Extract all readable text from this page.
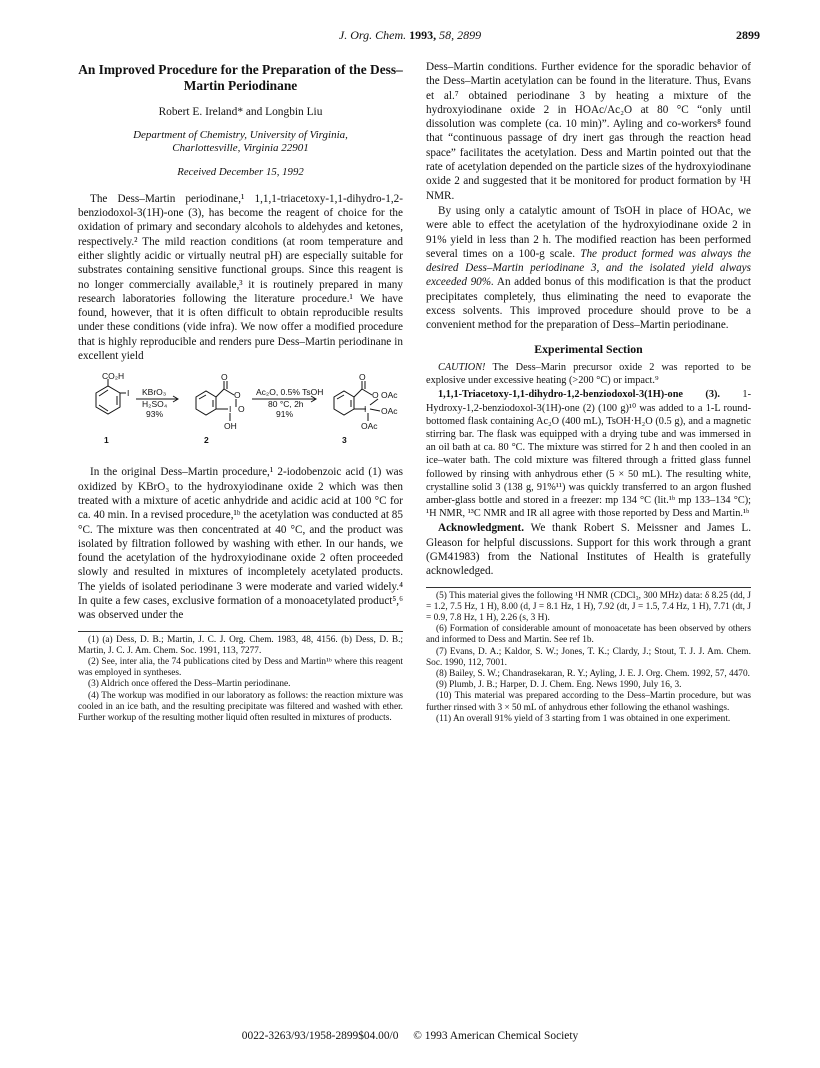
J. Org. Chem. 1993, 58, 2899	2899
An Improved Procedure for the Preparation of the Dess–Martin Periodinane
Robert E. Ireland* and Longbin Liu
Department of Chemistry, University of Virginia,
Charlottesville, Virginia 22901
Received December 15, 1992

The Dess–Martin periodinane,¹ 1,1,1-triacetoxy-1,1-dihydro-1,2-benziodoxol-3(1H)-one (3), has become the reagent of choice for the oxidation of primary and secondary alcohols to aldehydes and ketones, respectively.² The mild reaction conditions (at room temperature and either slightly acidic or virtually neutral pH) are especially suitable for substrates containing sensitive functional groups. Since this reagent is no longer commercially available,³ it is routinely prepared in many research laboratories following the literature procedure.¹ We have found, however, that it is often difficult to obtain reproducible results under these conditions (vide infra). We now offer a modified procedure that is highly reproducible and renders pure Dess–Martin periodinane in excellent yield

CO₂H
I KBrO₃
H₂SO₄
93%
O
O
I O
OH
Ac₂O, 0.5% TsOH
80 °C, 2h
91%
O
O
I
OAc
OAc
OAc
1	2	3

In the original Dess–Martin procedure,¹ 2-iodobenzoic acid (1) was oxidized by KBrO₃ to the hydroxyiodinane oxide 2 which was then treated with a mixture of acetic anhydride and acidic acid at 100 °C for ca. 40 min. In a revised procedure,¹ᵇ the acetylation was conducted at 85 °C. The mixture was then concentrated at 40 °C, and the product was isolated by filtration followed by washing with ether. In our hands, we found the acetylation of the hydroxyiodinane oxide 2 often proceeded slowly and resulted in mixtures of incompletely acetylated products. The yields of isolated periodinane 3 were moderate and varied widely.⁴ In quite a few cases, exclusive formation of a monoacetylated product⁵,⁶ was observed under the

(1) (a) Dess, D. B.; Martin, J. C. J. Org. Chem. 1983, 48, 4156. (b) Dess, D. B.; Martin, J. C. J. Am. Chem. Soc. 1991, 113, 7277.

(2) See, inter alia, the 74 publications cited by Dess and Martin¹ᵇ where this reagent was employed in syntheses.

(3) Aldrich once offered the Dess–Martin periodinane.

(4) The workup was modified in our laboratory as follows: the reaction mixture was cooled in an ice bath, and the resulting precipitate was filtered and washed with ether. Further workup of the resulting mother liquid often resulted in mixtures of products.

Dess–Martin conditions. Further evidence for the sporadic behavior of the Dess–Martin acetylation can be found in the literature. Thus, Evans et al.⁷ obtained periodinane 3 by heating a mixture of the hydroxyiodinane oxide 2 in HOAc/Ac₂O at 80 °C “only until dissolution was complete (ca. 10 min)”. Ayling and co-workers⁸ found that “continuous passage of dry inert gas through the reaction head space” facilitates the acetylation. Dess and Martin pointed out that the rate of acetylation depended on the particle sizes of the hydroxyiodinane oxide 2 and suggested that it be monitored for product formation by ¹H NMR.

By using only a catalytic amount of TsOH in place of HOAc, we were able to effect the acetylation of the hydroxyiodinane oxide 2 in 91% yield in less than 2 h. The modified reaction has been performed several times on a 100-g scale. The product formed was always the desired Dess–Martin periodinane 3, and the isolated yield always exceeded 90%. An added bonus of this modification is that the product precipitates completely, thus eliminating the need to evaporate the excess solvents. This improved procedure should prove to be a convenient method for the preparation of Dess–Martin periodinane.

Experimental Section

CAUTION! The Dess–Marin precursor oxide 2 was reported to be explosive under excessive heating (>200 °C) or impact.⁹

1,1,1-Triacetoxy-1,1-dihydro-1,2-benziodoxol-3(1H)-one (3). 1-Hydroxy-1,2-benziodoxol-3(1H)-one (2) (100 g)¹⁰ was added to a 1-L round-bottomed flask containing Ac₂O (400 mL), TsOH·H₂O (0.5 g), and a magnetic stirring bar. The flask was equipped with a drying tube and was immersed in an oil bath at ca. 80 °C. The mixture was stirred for 2 h and then cooled in an ice–water bath. The cold mixture was filtered through a fritted glass funnel followed by rinsing with anhydrous ether (5 × 50 mL). The resulting white, crystalline solid 3 (138 g, 91%¹¹) was quickly transferred to an argon flushed amber-glass bottle and stored in a freezer: mp 134 °C (lit.¹ᵇ mp 133–134 °C); ¹H NMR, ¹³C NMR and IR all agree with those reported by Dess and Martin.¹ᵇ

Acknowledgment. We thank Robert S. Meissner and James L. Gleason for helpful discussions. Support for this work through a grant (GM41983) from the National Institutes of Health is gratefully acknowledged.

(5) This material gives the following ¹H NMR (CDCl₃, 300 MHz) data: δ 8.25 (dd, J = 1.2, 7.5 Hz, 1 H), 8.00 (d, J = 8.1 Hz, 1 H), 7.92 (dt, J = 1.5, 7.4 Hz, 1 H), 7.71 (dt, J = 0.9, 7.8 Hz, 1 H), 2.26 (s, 3 H).

(6) Formation of considerable amount of monoacetate has been observed by others and informed to Dess and Martin. See ref 1b.

(7) Evans, D. A.; Kaldor, S. W.; Jones, T. K.; Clardy, J.; Stout, T. J. J. Am. Chem. Soc. 1990, 112, 7001.

(8) Bailey, S. W.; Chandrasekaran, R. Y.; Ayling, J. E. J. Org. Chem. 1992, 57, 4470.

(9) Plumb, J. B.; Harper, D. J. Chem. Eng. News 1990, July 16, 3.

(10) This material was prepared according to the Dess–Martin procedure, but was further rinsed with 3 × 50 mL of anhydrous ether following the ethanol washings.

(11) An overall 91% yield of 3 starting from 1 was obtained in one experiment.

0022-3263/93/1958-2899$04.00/0 © 1993 American Chemical Society
